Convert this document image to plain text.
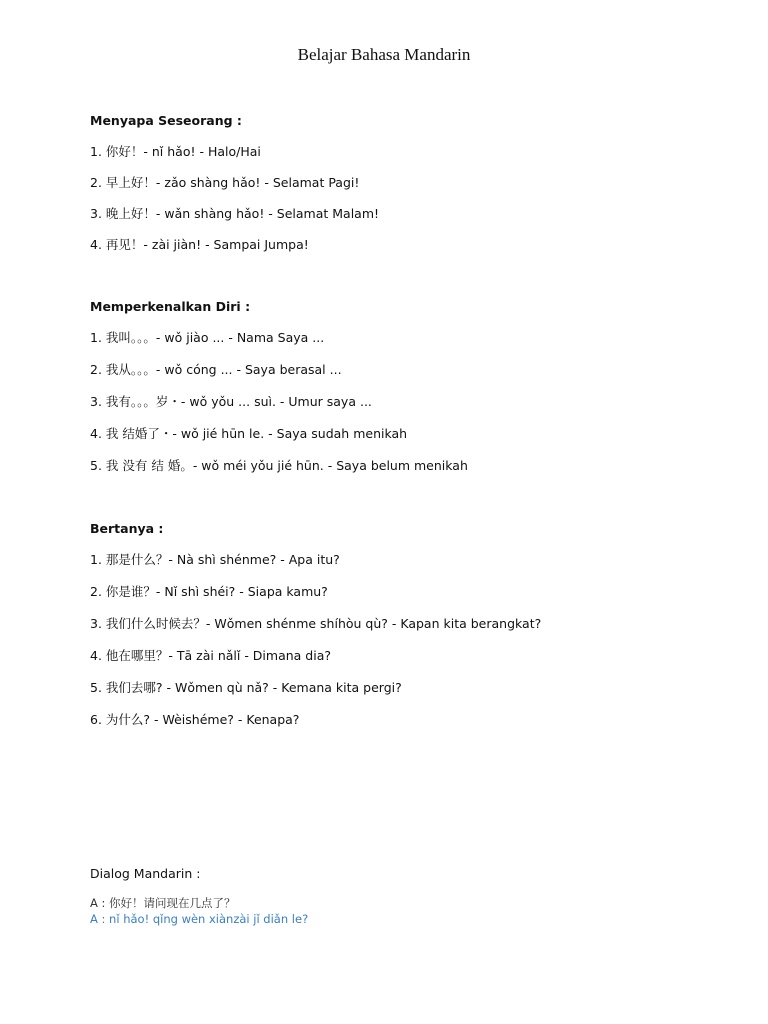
Belajar Bahasa Mandarin

Menyapa Seseorang :

1. 你好！- nǐ hǎo! - Halo/Hai

2. 早上好！- zǎo shàng hǎo! - Selamat Pagi!

3. 晚上好！- wǎn shàng hǎo! - Selamat Malam!

4. 再见！- zài jiàn! - Sampai Jumpa!

Memperkenalkan Diri :

1. 我叫。。。- wǒ jiào ... - Nama Saya ...

2. 我从。。。- wǒ cóng ... - Saya berasal ...

3. 我有。。。岁・- wǒ yǒu ... suì. - Umur saya ...

4. 我 结婚了・- wǒ jié hūn le. - Saya sudah menikah

5. 我 没有 结 婚。- wǒ méi yǒu jié hūn. - Saya belum menikah

Bertanya :

1. 那是什么？- Nà shì shénme? - Apa itu?

2. 你是谁？- Nǐ shì shéi? - Siapa kamu?

3. 我们什么时候去？- Wǒmen shénme shíhòu qù? - Kapan kita berangkat?

4. 他在哪里？- Tā zài nǎlǐ - Dimana dia?

5. 我们去哪? - Wǒmen qù nǎ? - Kemana kita pergi?

6. 为什么? - Wèishéme? - Kenapa?

Dialog Mandarin :

A : 你好！请问现在几点了？

A : nǐ hǎo! qǐng wèn xiànzài jǐ diǎn le?
